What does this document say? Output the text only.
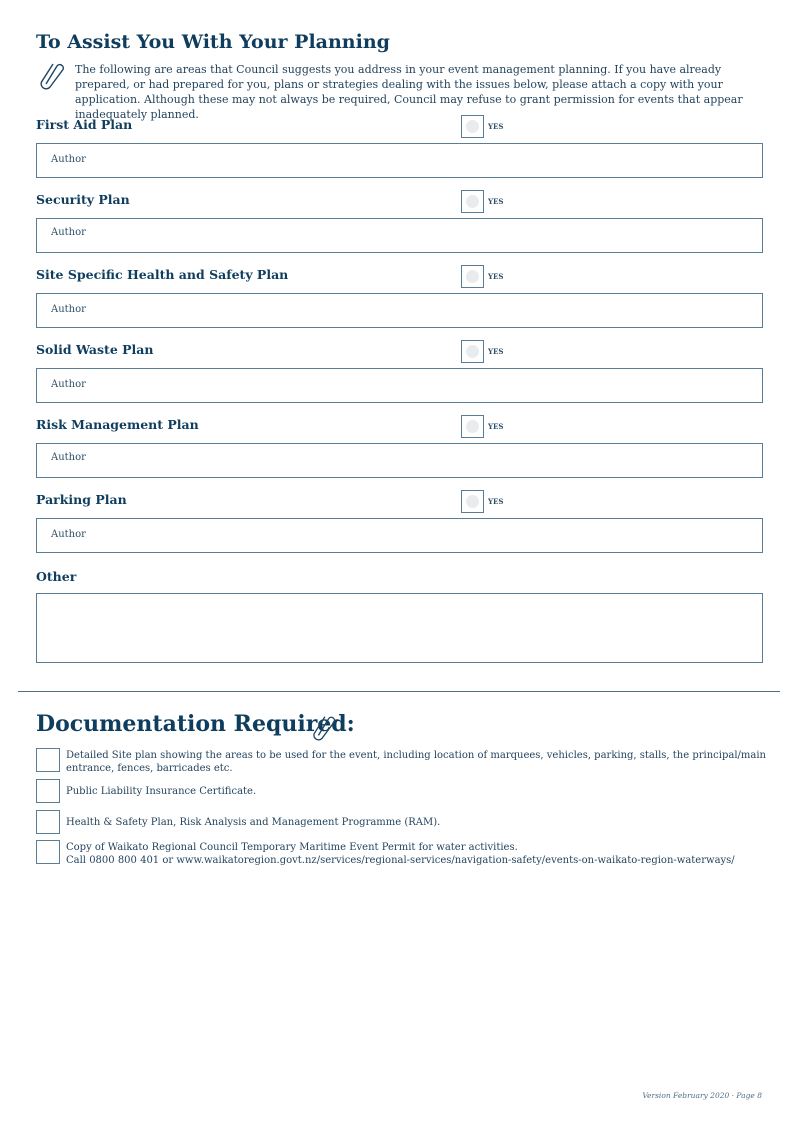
To Assist You With Your Planning
The following are areas that Council suggests you address in your event management planning. If you have already prepared, or had prepared for you, plans or strategies dealing with the issues below, please attach a copy with your application. Although these may not always be required, Council may refuse to grant permission for events that appear inadequately planned.
First Aid Plan	YES
Author
Security Plan	YES
Author
Site Specific Health and Safety Plan	YES
Author
Solid Waste Plan	YES
Author
Risk Management Plan	YES
Author
Parking Plan	YES
Author
Other
Documentation Required:
Detailed Site plan showing the areas to be used for the event, including location of marquees, vehicles, parking, stalls, the principal/main entrance, fences, barricades etc.
Public Liability Insurance Certificate.
Health & Safety Plan, Risk Analysis and Management Programme (RAM).
Copy of Waikato Regional Council Temporary Maritime Event Permit for water activities.
Call 0800 800 401 or www.waikatoregion.govt.nz/services/regional-services/navigation-safety/events-on-waikato-region-waterways/
Version February 2020 · Page 8
